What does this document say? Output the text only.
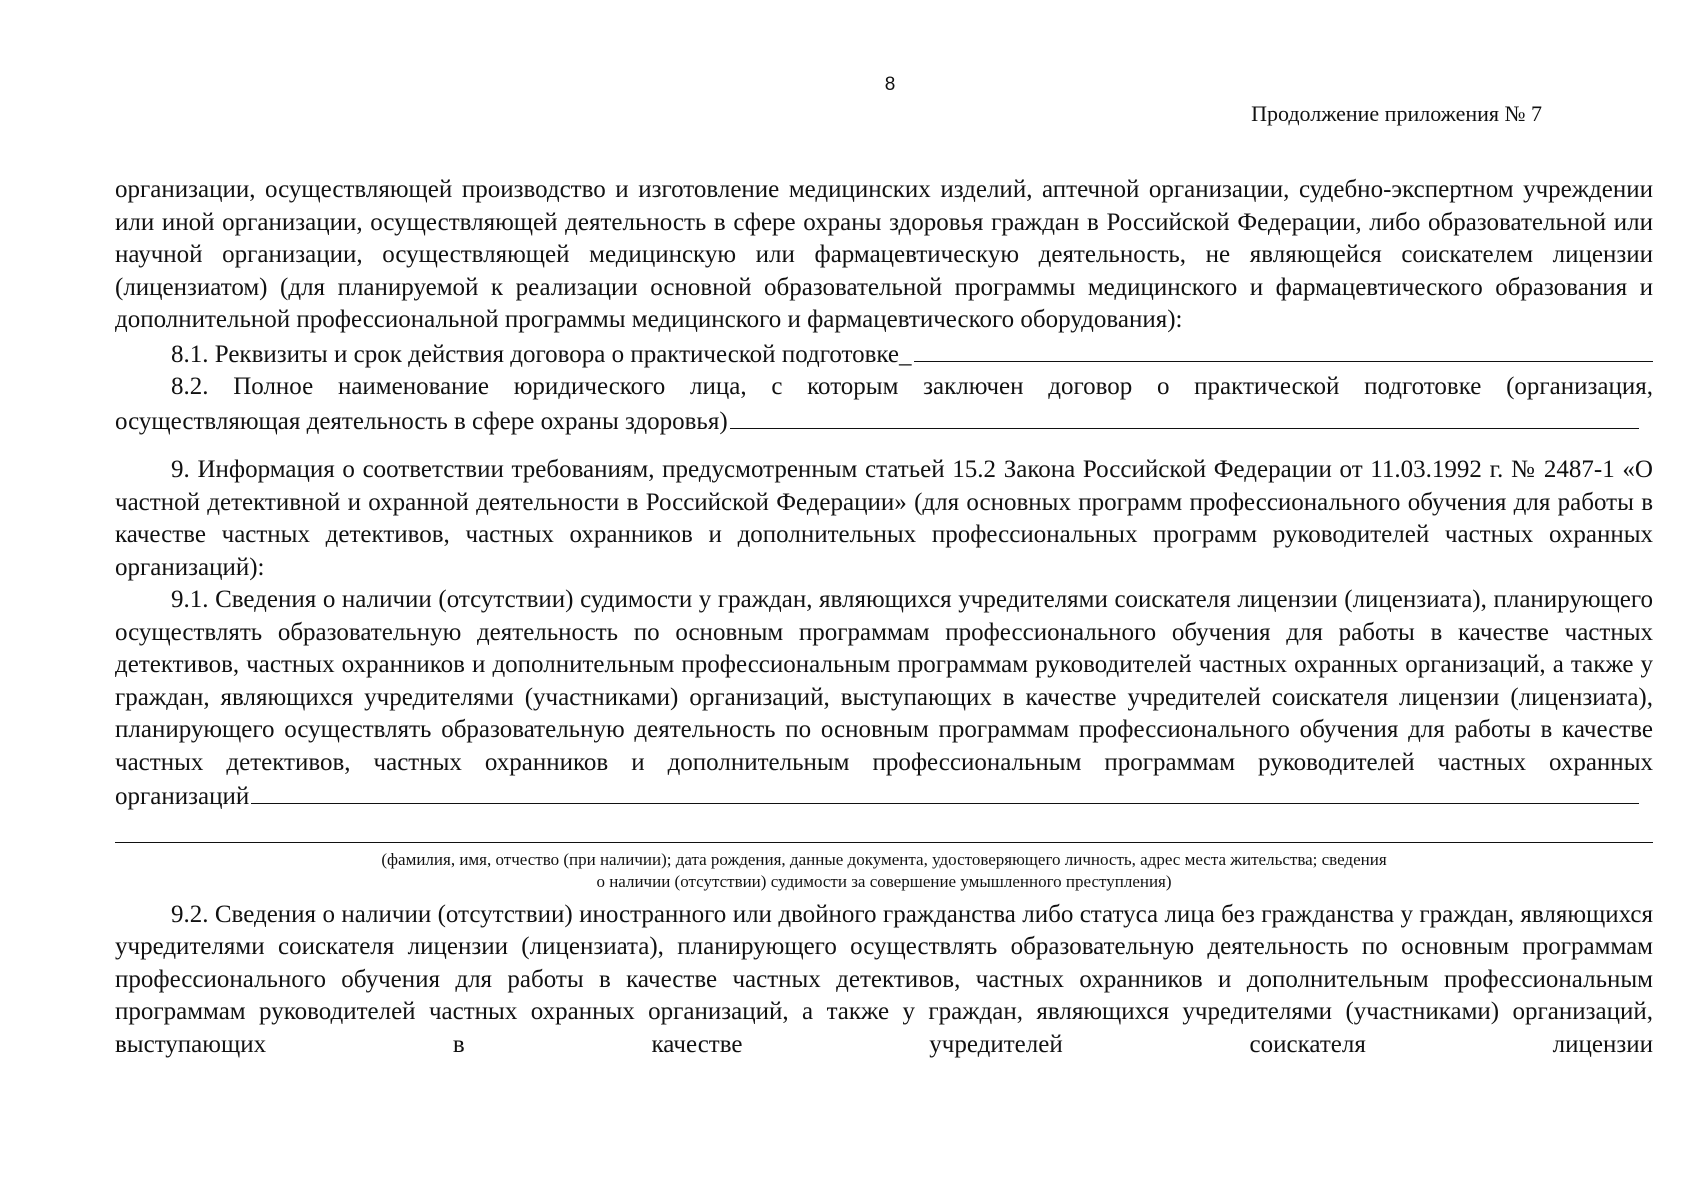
8
Продолжение приложения № 7

организации, осуществляющей производство и изготовление медицинских изделий, аптечной организации, судебно-экспертном учреждении или иной организации, осуществляющей деятельность в сфере охраны здоровья граждан в Российской Федерации, либо образовательной или научной организации, осуществляющей медицинскую или фармацевтическую деятельность, не являющейся соискателем лицензии (лицензиатом) (для планируемой к реализации основной образовательной программы медицинского и фармацевтического образования и дополнительной профессиональной программы медицинского и фармацевтического оборудования):

8.1. Реквизиты и срок действия договора о практической подготовке_

8.2. Полное наименование юридического лица, с которым заключен договор о практической подготовке (организация,

осуществляющая деятельность в сфере охраны здоровья)

9. Информация о соответствии требованиям, предусмотренным статьей 15.2 Закона Российской Федерации от 11.03.1992 г. № 2487-1 «О частной детективной и охранной деятельности в Российской Федерации» (для основных программ профессионального обучения для работы в качестве частных детективов, частных охранников и дополнительных профессиональных программ руководителей частных охранных организаций):

9.1. Сведения о наличии (отсутствии) судимости у граждан, являющихся учредителями соискателя лицензии (лицензиата), планирующего осуществлять образовательную деятельность по основным программам профессионального обучения для работы в качестве частных детективов, частных охранников и дополнительным профессиональным программам руководителей частных охранных организаций, а также у граждан, являющихся учредителями (участниками) организаций, выступающих в качестве учредителей соискателя лицензии (лицензиата), планирующего осуществлять образовательную деятельность по основным программам профессионального обучения для работы в качестве частных детективов, частных охранников и дополнительным профессиональным программам руководителей частных охранных

организаций
(фамилия, имя, отчество (при наличии); дата рождения, данные документа, удостоверяющего личность, адрес места жительства; сведения
о наличии (отсутствии) судимости за совершение умышленного преступления)

9.2. Сведения о наличии (отсутствии) иностранного или двойного гражданства либо статуса лица без гражданства у граждан, являющихся учредителями соискателя лицензии (лицензиата), планирующего осуществлять образовательную деятельность по основным программам профессионального обучения для работы в качестве частных детективов, частных охранников и дополнительным профессиональным программам руководителей частных охранных организаций, а также у граждан, являющихся учредителями (участниками) организаций, выступающих в качестве учредителей соискателя лицензии
